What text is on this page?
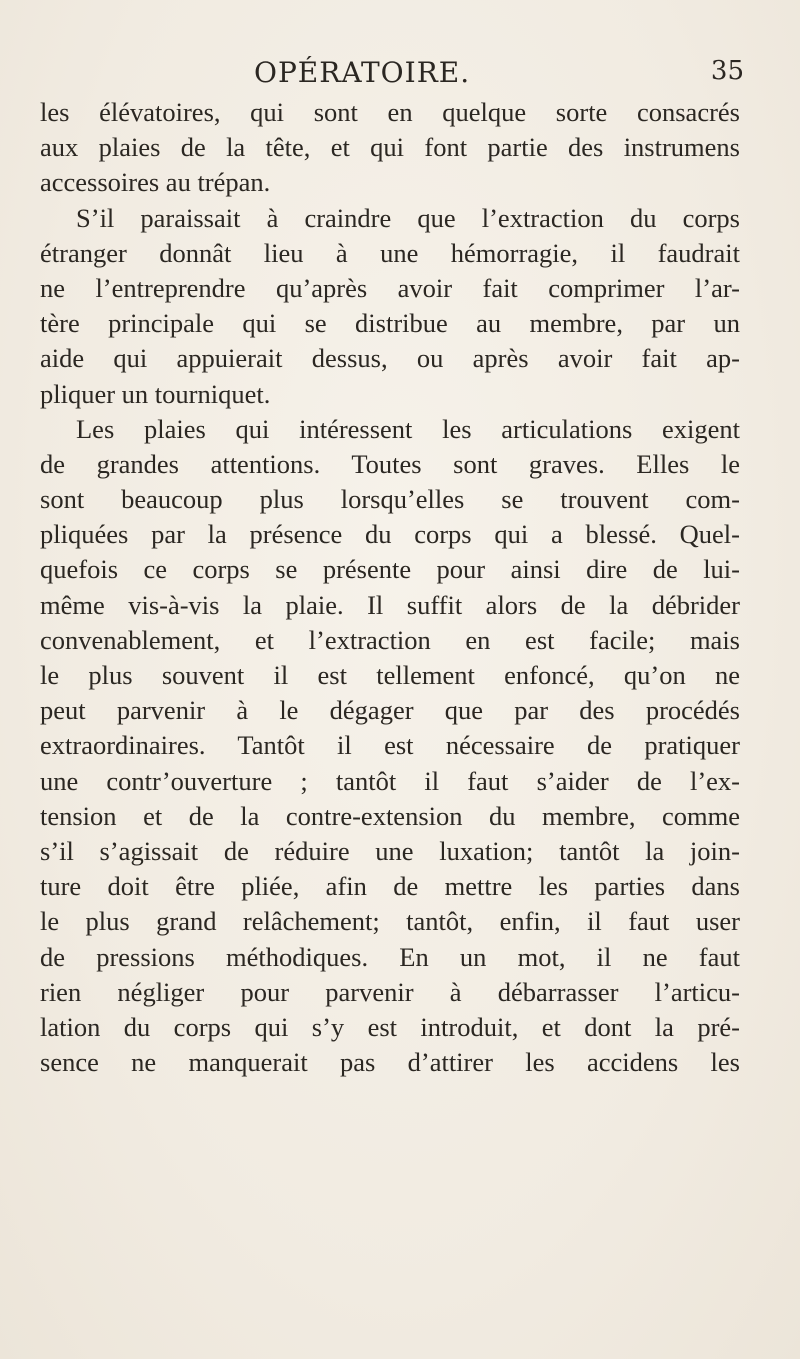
OPÉRATOIRE.	35
les élévatoires, qui sont en quelque sorte consacrés
aux plaies de la tête, et qui font partie des instrumens
accessoires au trépan.
S’il paraissait à craindre que l’extraction du corps
étranger donnât lieu à une hémorragie, il faudrait
ne l’entreprendre qu’après avoir fait comprimer l’ar-
tère principale qui se distribue au membre, par un
aide qui appuierait dessus, ou après avoir fait ap-
pliquer un tourniquet.
Les plaies qui intéressent les articulations exigent
de grandes attentions. Toutes sont graves. Elles le
sont beaucoup plus lorsqu’elles se trouvent com-
pliquées par la présence du corps qui a blessé. Quel-
quefois ce corps se présente pour ainsi dire de lui-
même vis-à-vis la plaie. Il suffit alors de la débrider
convenablement, et l’extraction en est facile; mais
le plus souvent il est tellement enfoncé, qu’on ne
peut parvenir à le dégager que par des procédés
extraordinaires. Tantôt il est nécessaire de pratiquer
une contr’ouverture ; tantôt il faut s’aider de l’ex-
tension et de la contre-extension du membre, comme
s’il s’agissait de réduire une luxation; tantôt la join-
ture doit être pliée, afin de mettre les parties dans
le plus grand relâchement; tantôt, enfin, il faut user
de pressions méthodiques. En un mot, il ne faut
rien négliger pour parvenir à débarrasser l’articu-
lation du corps qui s’y est introduit, et dont la pré-
sence ne manquerait pas d’attirer les accidens les
